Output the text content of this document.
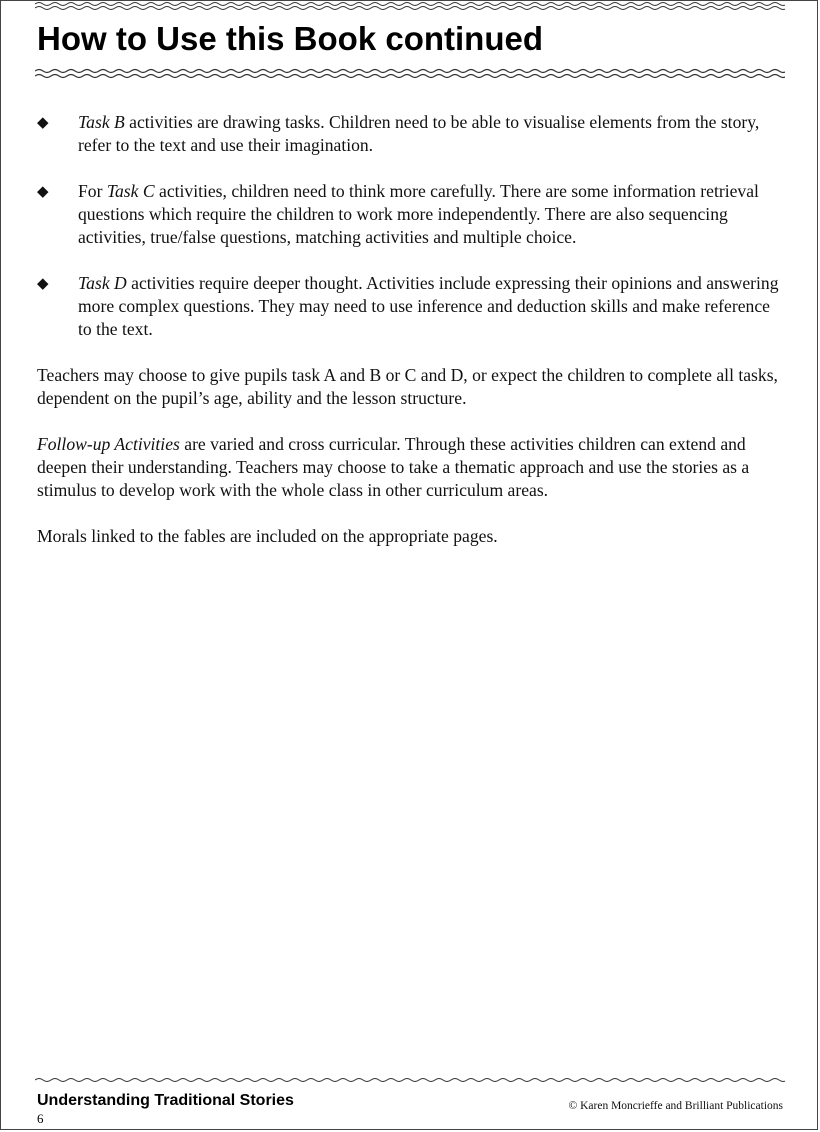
How to Use this Book continued
◆ Task B activities are drawing tasks. Children need to be able to visualise elements from the story, refer to the text and use their imagination.
◆ For Task C activities, children need to think more carefully. There are some information retrieval questions which require the children to work more independently. There are also sequencing activities, true/false questions, matching activities and multiple choice.
◆ Task D activities require deeper thought. Activities include expressing their opinions and answering more complex questions. They may need to use inference and deduction skills and make reference to the text.

Teachers may choose to give pupils task A and B or C and D, or expect the children to complete all tasks, dependent on the pupil’s age, ability and the lesson structure.

Follow-up Activities are varied and cross curricular. Through these activities children can extend and deepen their understanding. Teachers may choose to take a thematic approach and use the stories as a stimulus to develop work with the whole class in other curriculum areas.

Morals linked to the fables are included on the appropriate pages.

Understanding Traditional Stories
6
© Karen Moncrieffe and Brilliant Publications
